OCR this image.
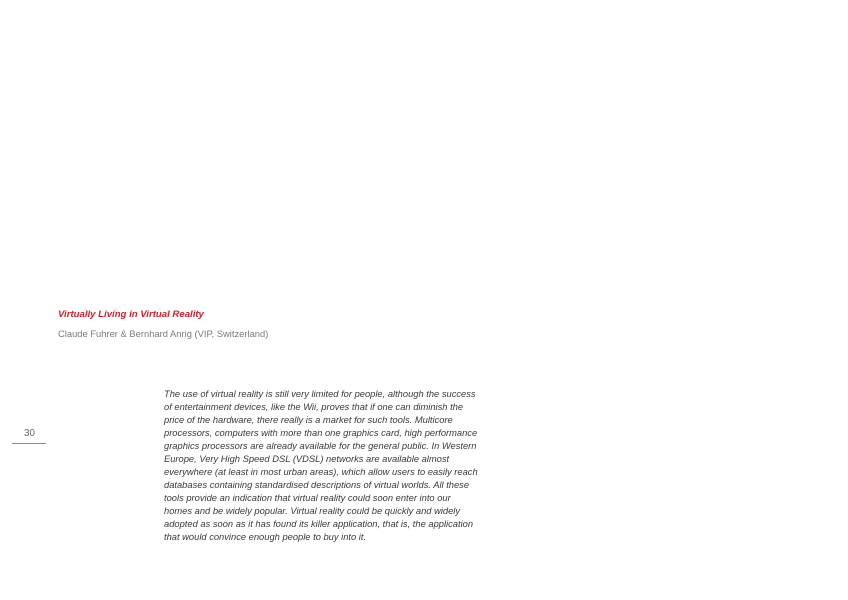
Virtually Living in Virtual Reality
Claude Fuhrer & Bernhard Anrig (VIP, Switzerland)
30
The use of virtual reality is still very limited for people, although the success
of entertainment devices, like the Wii, proves that if one can diminish the
price of the hardware, there really is a market for such tools. Multicore
processors, computers with more than one graphics card, high performance
graphics processors are already available for the general public. In Western
Europe, Very High Speed DSL (VDSL) networks are available almost
everywhere (at least in most urban areas), which allow users to easily reach
databases containing standardised descriptions of virtual worlds. All these
tools provide an indication that virtual reality could soon enter into our
homes and be widely popular. Virtual reality could be quickly and widely
adopted as soon as it has found its killer application, that is, the application
that would convince enough people to buy into it.
